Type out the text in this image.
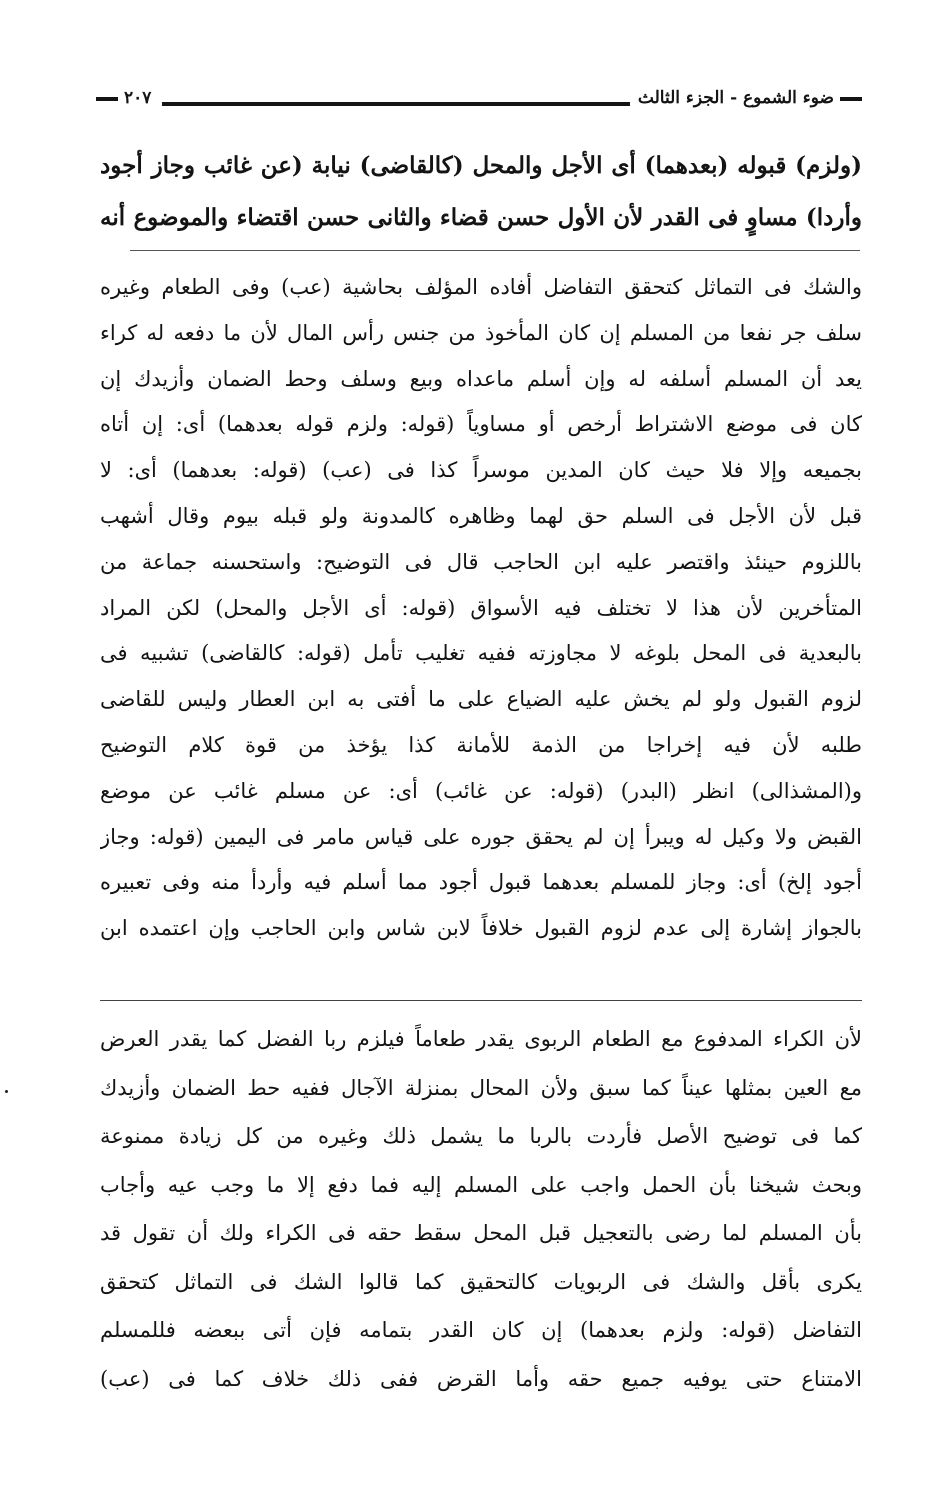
ضوء الشموع - الجزء الثالث
٢٠٧
(ولزم) قبوله (بعدهما) أى الأجل والمحل (كالقاضى) نيابة (عن غائب وجاز أجود
وأردا) مساوٍ فى القدر لأن الأول حسن قضاء والثانى حسن اقتضاء والموضوع أنه
والشك فى التماثل كتحقق التفاضل أفاده المؤلف بحاشية (عب) وفى الطعام وغيره
سلف جر نفعا من المسلم إن كان المأخوذ من جنس رأس المال لأن ما دفعه له كراء
يعد أن المسلم أسلفه له وإن أسلم ماعداه وبيع وسلف وحط الضمان وأزيدك إن
كان فى موضع الاشتراط أرخص أو مساوياً (قوله: ولزم قوله بعدهما) أى: إن أتاه
بجميعه وإلا فلا حيث كان المدين موسراً كذا فى (عب) (قوله: بعدهما) أى: لا
قبل لأن الأجل فى السلم حق لهما وظاهره كالمدونة ولو قبله بيوم وقال أشهب
باللزوم حينئذ واقتصر عليه ابن الحاجب قال فى التوضيح: واستحسنه جماعة من
المتأخرين لأن هذا لا تختلف فيه الأسواق (قوله: أى الأجل والمحل) لكن المراد
بالبعدية فى المحل بلوغه لا مجاوزته ففيه تغليب تأمل (قوله: كالقاضى) تشبيه فى
لزوم القبول ولو لم يخش عليه الضياع على ما أفتى به ابن العطار وليس للقاضى
طلبه لأن فيه إخراجا من الذمة للأمانة كذا يؤخذ من قوة كلام التوضيح
و(المشذالى) انظر (البدر) (قوله: عن غائب) أى: عن مسلم غائب عن موضع
القبض ولا وكيل له ويبرأ إن لم يحقق جوره على قياس مامر فى اليمين (قوله: وجاز
أجود إلخ) أى: وجاز للمسلم بعدهما قبول أجود مما أسلم فيه وأردأ منه وفى تعبيره
بالجواز إشارة إلى عدم لزوم القبول خلافاً لابن شاس وابن الحاجب وإن اعتمده ابن
لأن الكراء المدفوع مع الطعام الربوى يقدر طعاماً فيلزم ربا الفضل كما يقدر العرض
مع العين بمثلها عيناً كما سبق ولأن المحال بمنزلة الآجال ففيه حط الضمان وأزيدك
كما فى توضيح الأصل فأردت بالربا ما يشمل ذلك وغيره من كل زيادة ممنوعة
وبحث شيخنا بأن الحمل واجب على المسلم إليه فما دفع إلا ما وجب عيه وأجاب
بأن المسلم لما رضى بالتعجيل قبل المحل سقط حقه فى الكراء ولك أن تقول قد
يكرى بأقل والشك فى الربويات كالتحقيق كما قالوا الشك فى التماثل كتحقق
التفاضل (قوله: ولزم بعدهما) إن كان القدر بتمامه فإن أتى ببعضه فللمسلم
الامتناع حتى يوفيه جميع حقه وأما القرض ففى ذلك خلاف كما فى (عب)
